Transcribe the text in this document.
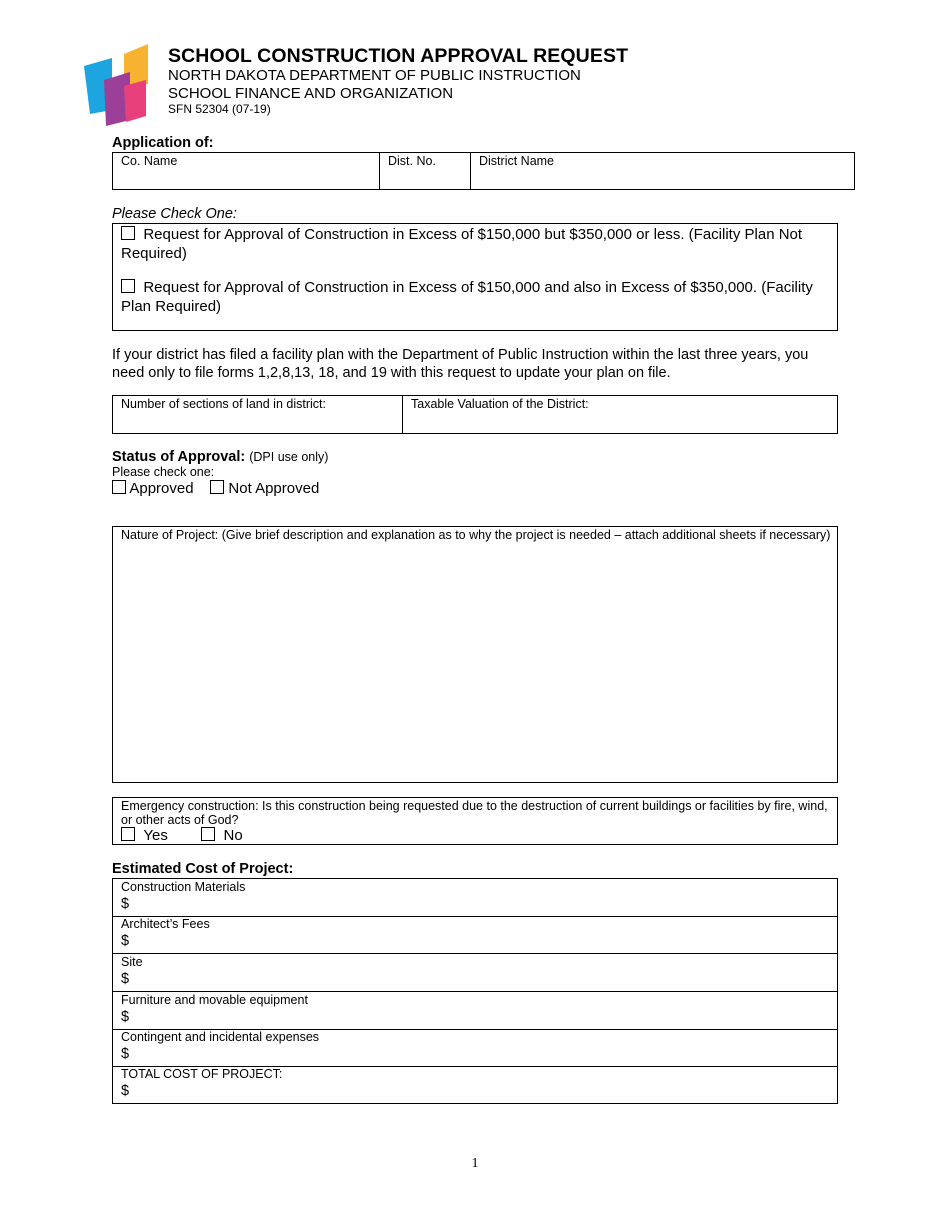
SCHOOL CONSTRUCTION APPROVAL REQUEST
NORTH DAKOTA DEPARTMENT OF PUBLIC INSTRUCTION
SCHOOL FINANCE AND ORGANIZATION
SFN 52304 (07-19)
Application of:
Co. Name	Dist. No.	District Name
Please Check One:
Request for Approval of Construction in Excess of $150,000 but $350,000 or less. (Facility Plan Not Required)
Request for Approval of Construction in Excess of $150,000 and also in Excess of $350,000. (Facility Plan Required)
If your district has filed a facility plan with the Department of Public Instruction within the last three years, you need only to file forms 1,2,8,13, 18, and 19 with this request to update your plan on file.
Number of sections of land in district:	Taxable Valuation of the District:
Status of Approval: (DPI use only)
Please check one:
Approved Not Approved
Nature of Project: (Give brief description and explanation as to why the project is needed – attach additional sheets if necessary)
Emergency construction: Is this construction being requested due to the destruction of current buildings or facilities by fire, wind, or other acts of God?
Yes	No
Estimated Cost of Project:
Construction Materials
$
Architect’s Fees
$
Site
$
Furniture and movable equipment
$
Contingent and incidental expenses
$
TOTAL COST OF PROJECT:
$
1
